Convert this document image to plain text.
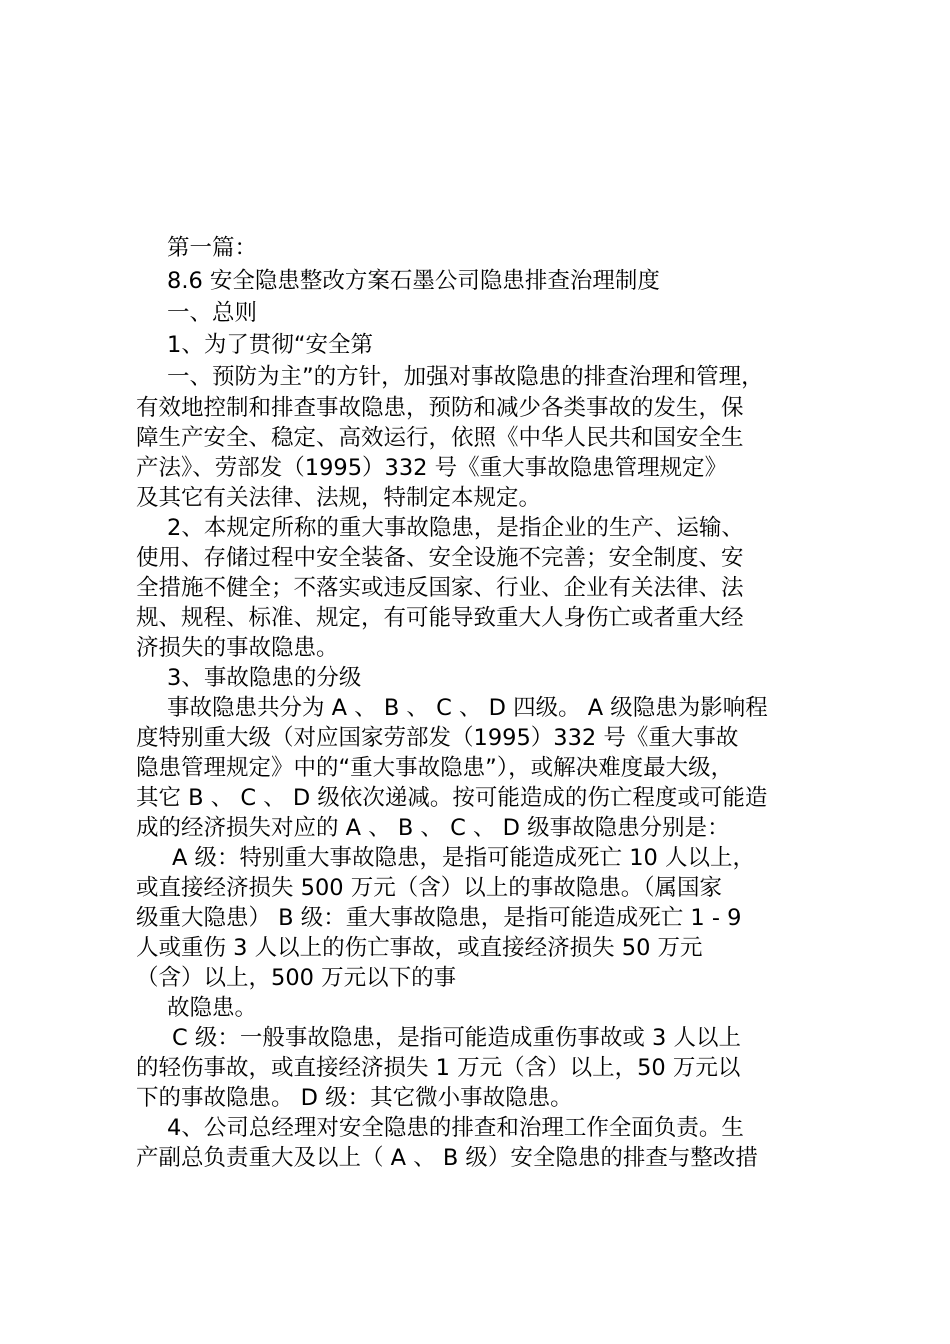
第一篇：

8.6 安全隐患整改方案石墨公司隐患排查治理制度

一、总则

1、为了贯彻“安全第

一、预防为主”的方针，加强对事故隐患的排查治理和管理，

有效地控制和排查事故隐患，预防和减少各类事故的发生，保

障生产安全、稳定、高效运行，依照《中华人民共和国安全生

产法》、劳部发（1995）332 号《重大事故隐患管理规定》

及其它有关法律、法规，特制定本规定。

2、本规定所称的重大事故隐患，是指企业的生产、运输、

使用、存储过程中安全装备、安全设施不完善；安全制度、安

全措施不健全；不落实或违反国家、行业、企业有关法律、法

规、规程、标准、规定，有可能导致重大人身伤亡或者重大经

济损失的事故隐患。

3、事故隐患的分级

事故隐患共分为 A 、 B 、 C 、 D 四级。 A 级隐患为影响程

度特别重大级（对应国家劳部发（1995）332 号《重大事故

隐患管理规定》中的“重大事故隐患”），或解决难度最大级，

其它 B 、 C 、 D 级依次递减。按可能造成的伤亡程度或可能造

成的经济损失对应的 A 、 B 、 C 、 D 级事故隐患分别是：

A 级：特别重大事故隐患，是指可能造成死亡 10 人以上，

或直接经济损失 500 万元（含）以上的事故隐患。（属国家

级重大隐患） B 级：重大事故隐患，是指可能造成死亡 1 - 9

人或重伤 3 人以上的伤亡事故，或直接经济损失 50 万元

（含）以上，500 万元以下的事

故隐患。

C 级：一般事故隐患，是指可能造成重伤事故或 3 人以上

的轻伤事故，或直接经济损失 1 万元（含）以上，50 万元以

下的事故隐患。 D 级：其它微小事故隐患。

4、公司总经理对安全隐患的排查和治理工作全面负责。生

产副总负责重大及以上（ A 、 B 级）安全隐患的排查与整改措
